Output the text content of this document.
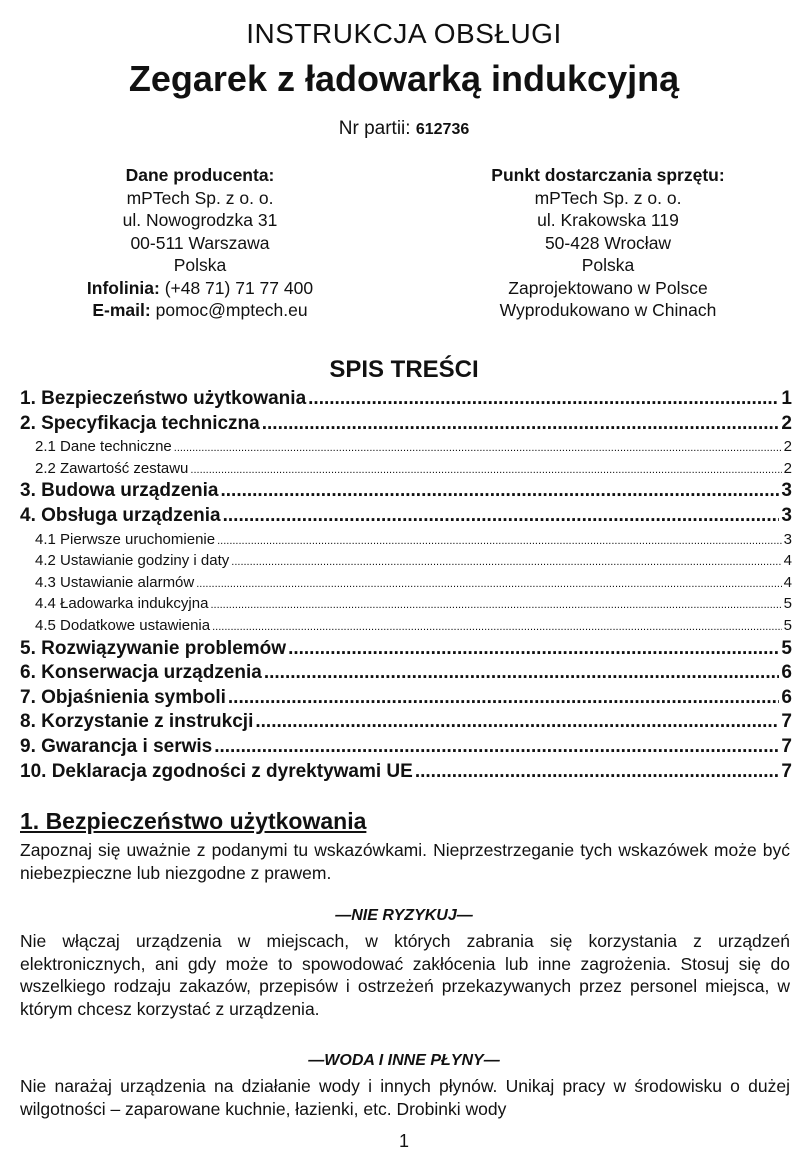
INSTRUKCJA OBSŁUGI
Zegarek z ładowarką indukcyjną
Nr partii: 612736
Dane producenta:
mPTech Sp. z o. o.
ul. Nowogrodzka 31
00-511 Warszawa
Polska
Infolinia: (+48 71) 71 77 400
E-mail: pomoc@mptech.eu
Punkt dostarczania sprzętu:
mPTech Sp. z o. o.
ul. Krakowska 119
50-428 Wrocław
Polska
Zaprojektowano w Polsce
Wyprodukowano w Chinach
SPIS TREŚCI
1. Bezpieczeństwo użytkowania .....	1
2. Specyfikacja techniczna .....	2
2.1 Dane techniczne .....	2
2.2 Zawartość zestawu .....	2
3. Budowa urządzenia .....	3
4. Obsługa urządzenia .....	3
4.1 Pierwsze uruchomienie .....	3
4.2 Ustawianie godziny i daty .....	4
4.3 Ustawianie alarmów .....	4
4.4 Ładowarka indukcyjna .....	5
4.5 Dodatkowe ustawienia .....	5
5. Rozwiązywanie problemów .....	5
6. Konserwacja urządzenia .....	6
7. Objaśnienia symboli .....	6
8. Korzystanie z instrukcji .....	7
9. Gwarancja i serwis .....	7
10. Deklaracja zgodności z dyrektywami UE .....	7
1. Bezpieczeństwo użytkowania
Zapoznaj się uważnie z podanymi tu wskazówkami. Nieprzestrzeganie tych wskazówek może być niebezpieczne lub niezgodne z prawem.
—NIE RYZYKUJ—
Nie włączaj urządzenia w miejscach, w których zabrania się korzystania z urządzeń elektronicznych, ani gdy może to spowodować zakłócenia lub inne zagrożenia. Stosuj się do wszelkiego rodzaju zakazów, przepisów i ostrzeżeń przekazywanych przez personel miejsca, w którym chcesz korzystać z urządzenia.
—WODA I INNE PŁYNY—
Nie narażaj urządzenia na działanie wody i innych płynów. Unikaj pracy w środowisku o dużej wilgotności – zaparowane kuchnie, łazienki, etc. Drobinki wody
1
